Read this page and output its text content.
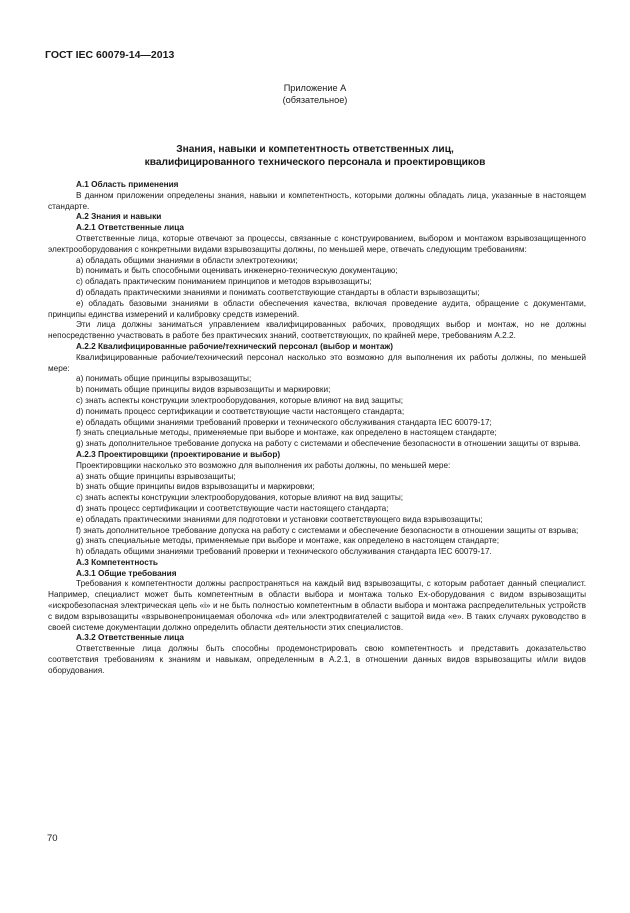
ГОСТ IEC 60079-14—2013
Приложение А
(обязательное)
Знания, навыки и компетентность ответственных лиц,
квалифицированного технического персонала и проектировщиков

А.1 Область применения

В данном приложении определены знания, навыки и компетентность, которыми должны обладать лица, указанные в настоящем стандарте.

А.2 Знания и навыки

А.2.1 Ответственные лица

Ответственные лица, которые отвечают за процессы, связанные с конструированием, выбором и монтажом взрывозащищенного электрооборудования с конкретными видами взрывозащиты должны, по меньшей мере, отвечать следующим требованиям:

a) обладать общими знаниями в области электротехники;

b) понимать и быть способными оценивать инженерно-техническую документацию;

c) обладать практическим пониманием принципов и методов взрывозащиты;

d) обладать практическими знаниями и понимать соответствующие стандарты в области взрывозащиты;

e) обладать базовыми знаниями в области обеспечения качества, включая проведение аудита, обращение с документами, принципы единства измерений и калибровку средств измерений.

Эти лица должны заниматься управлением квалифицированных рабочих, проводящих выбор и монтаж, но не должны непосредственно участвовать в работе без практических знаний, соответствующих, по крайней мере, требованиям А.2.2.

А.2.2 Квалифицированные рабочие/технический персонал (выбор и монтаж)

Квалифицированные рабочие/технический персонал насколько это возможно для выполнения их работы должны, по меньшей мере:

a) понимать общие принципы взрывозащиты;

b) понимать общие принципы видов взрывозащиты и маркировки;

c) знать аспекты конструкции электрооборудования, которые влияют на вид защиты;

d) понимать процесс сертификации и соответствующие части настоящего стандарта;

e) обладать общими знаниями требований проверки и технического обслуживания стандарта IEC 60079-17;

f) знать специальные методы, применяемые при выборе и монтаже, как определено в настоящем стандарте;

g) знать дополнительное требование допуска на работу с системами и обеспечение безопасности в отношении защиты от взрыва.

А.2.3 Проектировщики (проектирование и выбор)

Проектировщики насколько это возможно для выполнения их работы должны, по меньшей мере:

a) знать общие принципы взрывозащиты;

b) знать общие принципы видов взрывозащиты и маркировки;

c) знать аспекты конструкции электрооборудования, которые влияют на вид защиты;

d) знать процесс сертификации и соответствующие части настоящего стандарта;

e) обладать практическими знаниями для подготовки и установки соответствующего вида взрывозащиты;

f) знать дополнительное требование допуска на работу с системами и обеспечение безопасности в отношении защиты от взрыва;

g) знать специальные методы, применяемые при выборе и монтаже, как определено в настоящем стандарте;

h) обладать общими знаниями требований проверки и технического обслуживания стандарта IEC 60079-17.

А.3 Компетентность

А.3.1 Общие требования

Требования к компетентности должны распространяться на каждый вид взрывозащиты, с которым работает данный специалист. Например, специалист может быть компетентным в области выбора и монтажа только Ex-оборудования с видом взрывозащиты «искробезопасная электрическая цепь «i» и не быть полностью компетентным в области выбора и монтажа распределительных устройств с видом взрывозащиты «взрывонепроницаемая оболочка «d» или электродвигателей с защитой вида «e». В таких случаях руководство в своей системе документации должно определить области деятельности этих специалистов.

А.3.2 Ответственные лица

Ответственные лица должны быть способны продемонстрировать свою компетентность и представить доказательство соответствия требованиям к знаниям и навыкам, определенным в А.2.1, в отношении данных видов взрывозащиты и/или видов оборудования.

70
